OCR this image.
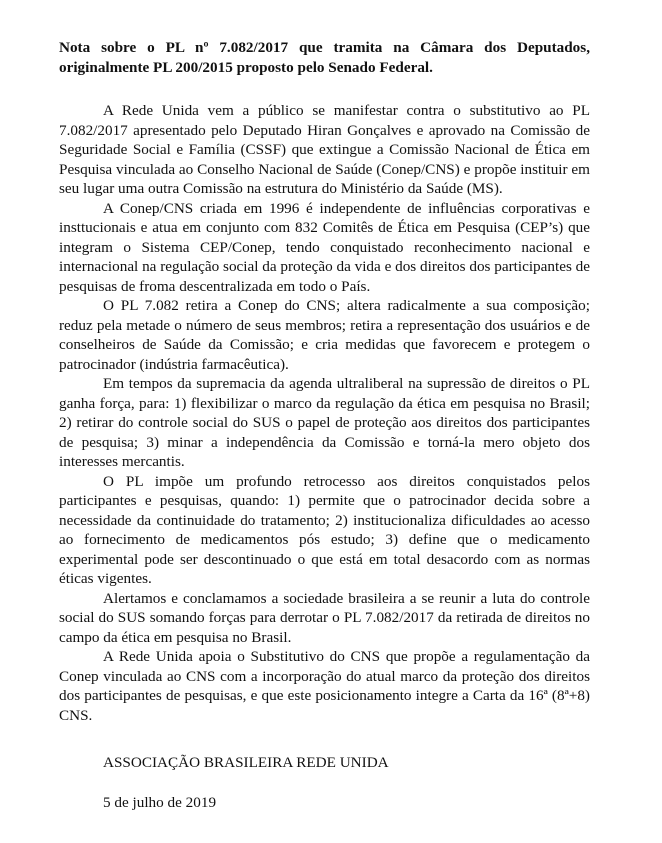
Nota sobre o PL nº 7.082/2017 que tramita na Câmara dos Deputados, originalmente PL 200/2015 proposto pelo Senado Federal.

A Rede Unida vem a público se manifestar contra o substitutivo ao PL 7.082/2017 apresentado pelo Deputado Hiran Gonçalves e aprovado na Comissão de Seguridade Social e Família (CSSF) que extingue a Comissão Nacional de Ética em Pesquisa vinculada ao Conselho Nacional de Saúde (Conep/CNS) e propõe instituir em seu lugar uma outra Comissão na estrutura do Ministério da Saúde (MS).

A Conep/CNS criada em 1996 é independente de influências corporativas e insttucionais e atua em conjunto com 832 Comitês de Ética em Pesquisa (CEP’s) que integram o Sistema CEP/Conep, tendo conquistado reconhecimento nacional e internacional na regulação social da proteção da vida e dos direitos dos participantes de pesquisas de froma descentralizada em todo o País.

O PL 7.082 retira a Conep do CNS; altera radicalmente a sua composição; reduz pela metade o número de seus membros; retira a representação dos usuários e de conselheiros de Saúde da Comissão; e cria medidas que favorecem e protegem o patrocinador (indústria farmacêutica).

Em tempos da supremacia da agenda ultraliberal na supressão de direitos o PL ganha força, para: 1) flexibilizar o marco da regulação da ética em pesquisa no Brasil; 2) retirar do controle social do SUS o papel de proteção aos direitos dos participantes de pesquisa; 3) minar a independência da Comissão e torná-la mero objeto dos interesses mercantis.

O PL impõe um profundo retrocesso aos direitos conquistados pelos participantes e pesquisas, quando: 1) permite que o patrocinador decida sobre a necessidade da continuidade do tratamento; 2) institucionaliza dificuldades ao acesso ao fornecimento de medicamentos pós estudo; 3) define que o medicamento experimental pode ser descontinuado o que está em total desacordo com as normas éticas vigentes.

Alertamos e conclamamos a sociedade brasileira a se reunir a luta do controle social do SUS somando forças para derrotar o PL 7.082/2017 da retirada de direitos no campo da ética em pesquisa no Brasil.

A Rede Unida apoia o Substitutivo do CNS que propõe a regulamentação da Conep vinculada ao CNS com a incorporação do atual marco da proteção dos direitos dos participantes de pesquisas, e que este posicionamento integre a Carta da 16ª (8ª+8) CNS.

ASSOCIAÇÃO BRASILEIRA REDE UNIDA
5 de julho de 2019
